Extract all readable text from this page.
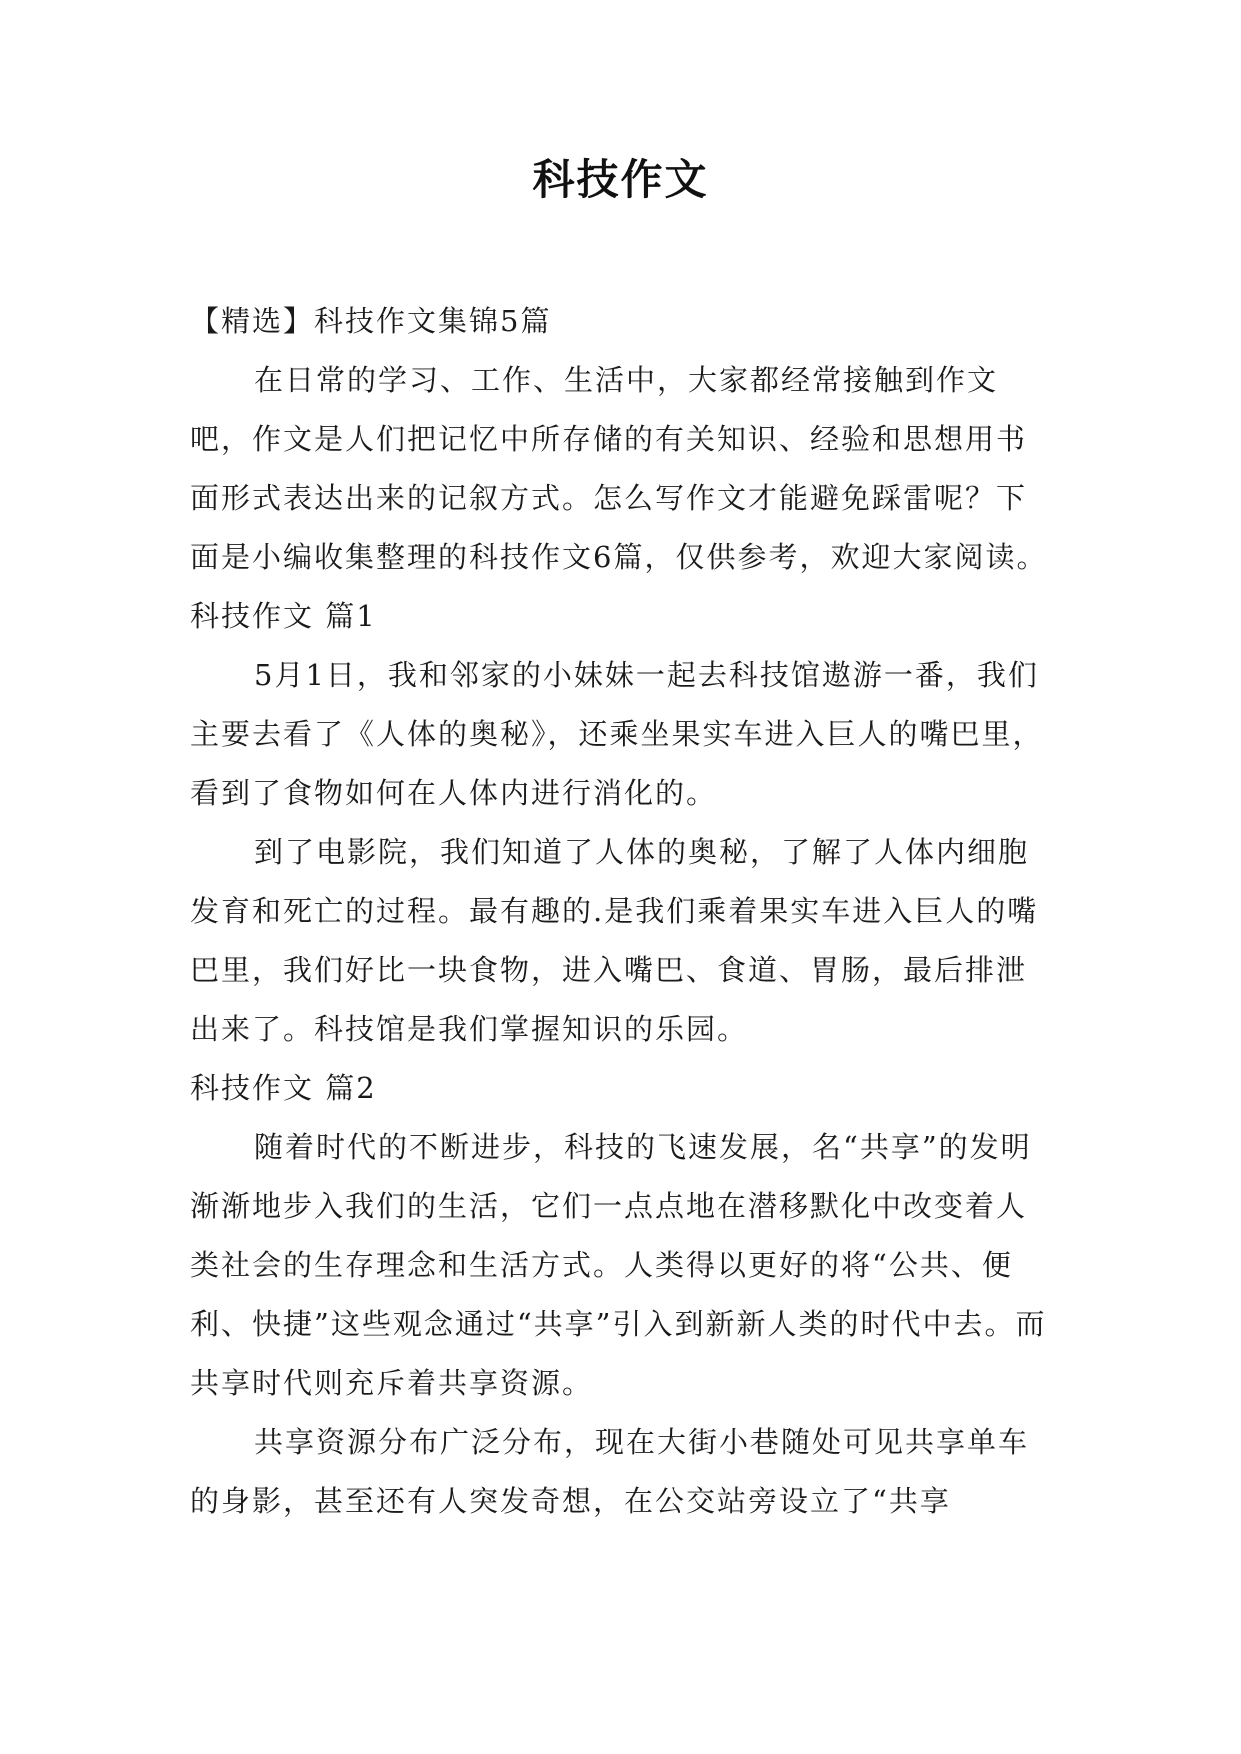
科技作文

【精选】科技作文集锦5篇

在日常的学习、工作、生活中，大家都经常接触到作文吧，作文是人们把记忆中所存储的有关知识、经验和思想用书面形式表达出来的记叙方式。怎么写作文才能避免踩雷呢？下面是小编收集整理的科技作文6篇，仅供参考，欢迎大家阅读。

科技作文 篇1

5月1日，我和邻家的小妹妹一起去科技馆遨游一番，我们主要去看了《人体的奥秘》，还乘坐果实车进入巨人的嘴巴里，看到了食物如何在人体内进行消化的。

到了电影院，我们知道了人体的奥秘，了解了人体内细胞发育和死亡的过程。最有趣的.是我们乘着果实车进入巨人的嘴巴里，我们好比一块食物，进入嘴巴、食道、胃肠，最后排泄出来了。科技馆是我们掌握知识的乐园。

科技作文 篇2

随着时代的不断进步，科技的飞速发展，名“共享”的发明渐渐地步入我们的生活，它们一点点地在潜移默化中改变着人类社会的生存理念和生活方式。人类得以更好的将“公共、便利、快捷”这些观念通过“共享”引入到新新人类的时代中去。而共享时代则充斥着共享资源。

共享资源分布广泛分布，现在大街小巷随处可见共享单车的身影，甚至还有人突发奇想，在公交站旁设立了“共享
